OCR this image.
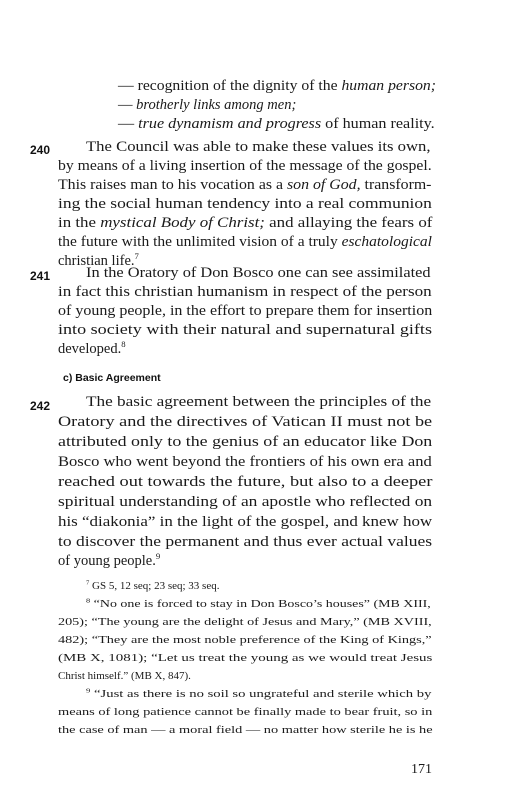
— recognition of the dignity of the human person;

— brotherly links among men;

— true dynamism and progress of human reality.

240 The Council was able to make these values its own,

by means of a living insertion of the message of the gospel.

This raises man to his vocation as a son of God, transform-

ing the social human tendency into a real communion

in the mystical Body of Christ; and allaying the fears of

the future with the unlimited vision of a truly eschatological

christian life.$^7$

241 In the Oratory of Don Bosco one can see assimilated

in fact this christian humanism in respect of the person

of young people, in the effort to prepare them for insertion

into society with their natural and supernatural gifts

developed.$^8$

c) Basic Agreement
242 The basic agreement between the principles of the

Oratory and the directives of Vatican II must not be

attributed only to the genius of an educator like Don

Bosco who went beyond the frontiers of his own era and

reached out towards the future, but also to a deeper

spiritual understanding of an apostle who reflected on

his “diakonia” in the light of the gospel, and knew how

to discover the permanent and thus ever actual values

of young people.$^9$

$^7$ GS 5, 12 seq; 23 seq; 33 seq.

$^8$ “No one is forced to stay in Don Bosco’s houses” (MB XIII,

205); “The young are the delight of Jesus and Mary,” (MB XVIII,

482); “They are the most noble preference of the King of Kings,”

(MB X, 1081); “Let us treat the young as we would treat Jesus

Christ himself.” (MB X, 847).

$^9$ “Just as there is no soil so ungrateful and sterile which by

means of long patience cannot be finally made to bear fruit, so in

the case of man — a moral field — no matter how sterile he is he

171
